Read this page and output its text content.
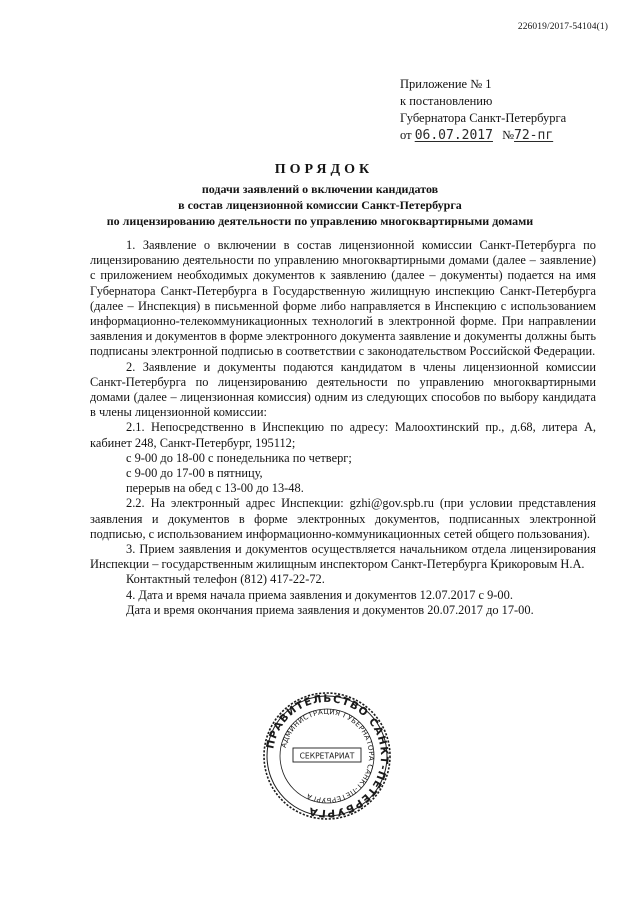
226019/2017-54104(1)
Приложение № 1
к постановлению
Губернатора Санкт-Петербурга
от 06.07.2017 №72-пг
ПОРЯДОК
подачи заявлений о включении кандидатов
в состав лицензионной комиссии Санкт-Петербурга
по лицензированию деятельности по управлению многоквартирными домами

1. Заявление о включении в состав лицензионной комиссии Санкт-Петербурга по лицензированию деятельности по управлению многоквартирными домами (далее – заявление) с приложением необходимых документов к заявлению (далее – документы) подается на имя Губернатора Санкт-Петербурга в Государственную жилищную инспекцию Санкт-Петербурга (далее – Инспекция) в письменной форме либо направляется в Инспекцию с использованием информационно-телекоммуникационных технологий в электронной форме. При направлении заявления и документов в форме электронного документа заявление и документы должны быть подписаны электронной подписью в соответствии с законодательством Российской Федерации.

2. Заявление и документы подаются кандидатом в члены лицензионной комиссии Санкт-Петербурга по лицензированию деятельности по управлению многоквартирными домами (далее – лицензионная комиссия) одним из следующих способов по выбору кандидата в члены лицензионной комиссии:

2.1. Непосредственно в Инспекцию по адресу: Малоохтинский пр., д.68, литера А, кабинет 248, Санкт-Петербург, 195112;

с 9-00 до 18-00 с понедельника по четверг;

с 9-00 до 17-00 в пятницу,

перерыв на обед с 13-00 до 13-48.

2.2. На электронный адрес Инспекции: gzhi@gov.spb.ru (при условии представления заявления и документов в форме электронных документов, подписанных электронной подписью, с использованием информационно-коммуникационных сетей общего пользования).

3. Прием заявления и документов осуществляется начальником отдела лицензирования Инспекции – государственным жилищным инспектором Санкт-Петербурга Крикоровым Н.А.

Контактный телефон (812) 417-22-72.

4. Дата и время начала приема заявления и документов 12.07.2017 с 9-00.

Дата и время окончания приема заявления и документов 20.07.2017 до 17-00.

ПРАВИТЕЛЬСТВО САНКТ-ПЕТЕРБУРГА
АДМИНИСТРАЦИЯ ГУБЕРНАТОРА САНКТ-ПЕТЕРБУРГА
СЕКРЕТАРИАТ
